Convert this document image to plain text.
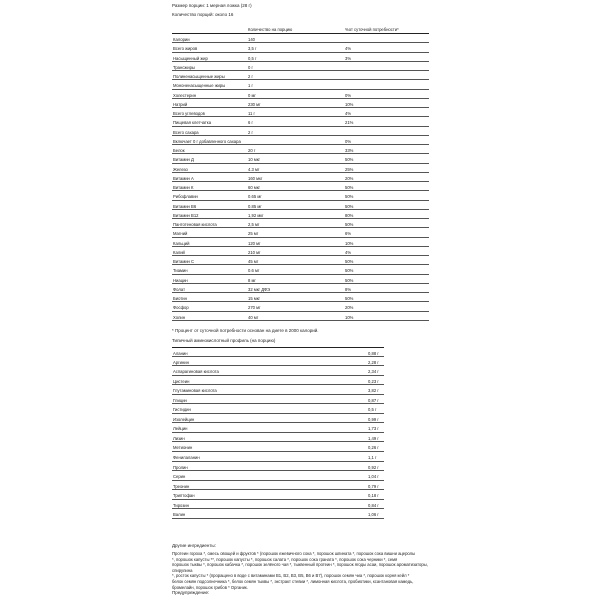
Размер порции: 1 мерная ложка (28 г)
Количество порций: около 16
Количество на порцию	%от суточной потребности*
Калории	140
Всего жиров	3,5 г	4%
Насыщенный жир	0,5 г	3%
Трансжиры	0 г
Полиненасыщенные жиры	2 г
Мононенасыщенные жиры	1 г
Холестерин	0 мг	0%
Натрий	230 мг	10%
Всего углеводов	11 г	4%
Пищевая клетчатка	6 г	21%
Всего сахара	2 г
Включает 0 г добавленного сахара	0%
Белок	20 г	33%
Витамин Д	10 мкг	50%
Железо	4.3 мг	25%
Витамин А	160 мкг	20%
Витамин К	60 мкг	50%
Рибофлавин	0.65 мг	50%
Витамин B6	0.85 мг	50%
Витамин В12	1,92 мкг	80%
Пантотеновая кислота	2,5 мг	50%
Магний	25 мг	6%
Кальций	120 мг	10%
Калий	210 мг	4%
Витамин С	45 мг	50%
Тиамин	0.6 мг	50%
Ниацин	8 мг	50%
Фолат	32 мкг ДФЭ	8%
Биотин	15 мкг	50%
Фосфор	270 мг	20%
Холин	40 мг	10%
* Процент от суточной потребности основан на диете в 2000 калорий.
Типичный аминокислотный профиль (на порцию)
Аланин	0,88 г
Аргинин	2,28 г
Аспарагиновая кислота	2,34 г
Цистеин	0,23 г
Глутаминовая кислота	3,82 г
Глицин	0,87 г
Гистидин	0,5 г
Изолейцин	0,99 г
Лейцин	1,73 г
Лизин	1,49 г
Метионин	0,26 г
Фенилаланин	1,1 г
Пролин	0,92 г
Серин	1,04 г
Треонин	0,79 г
Триптофан	0,18 г
Тирозин	0,84 г
Валин	1,06 г
Другие ингредиенты:
Протеин гороха *, смесь овощей и фруктов * (порошок ежевичного сока *, порошок шпината *, порошок сока вишни ацеролы
*, порошок капусты **, порошок капусты *, порошок салата *, порошок сока граната *, порошок сока черники *, семя
порошок тыквы *, порошок кабачка *, порошок зелёного чая *, тыквенный протеин *, порошок ягоды асаи, порошок ароматизаторы, спирулина
*, росток капусты * (проращено в воде с витаминами B1, B2, B3, B5, B6 и B7), порошок семян чиа *, порошок корня кейл *
белок семян подсолнечника *, белок семян тыквы *, экстракт стевии *, лимонная кислота, пробиотики, ксантановая камедь,
бромелайн, порошок грибов * Органик.
Предупреждение:
